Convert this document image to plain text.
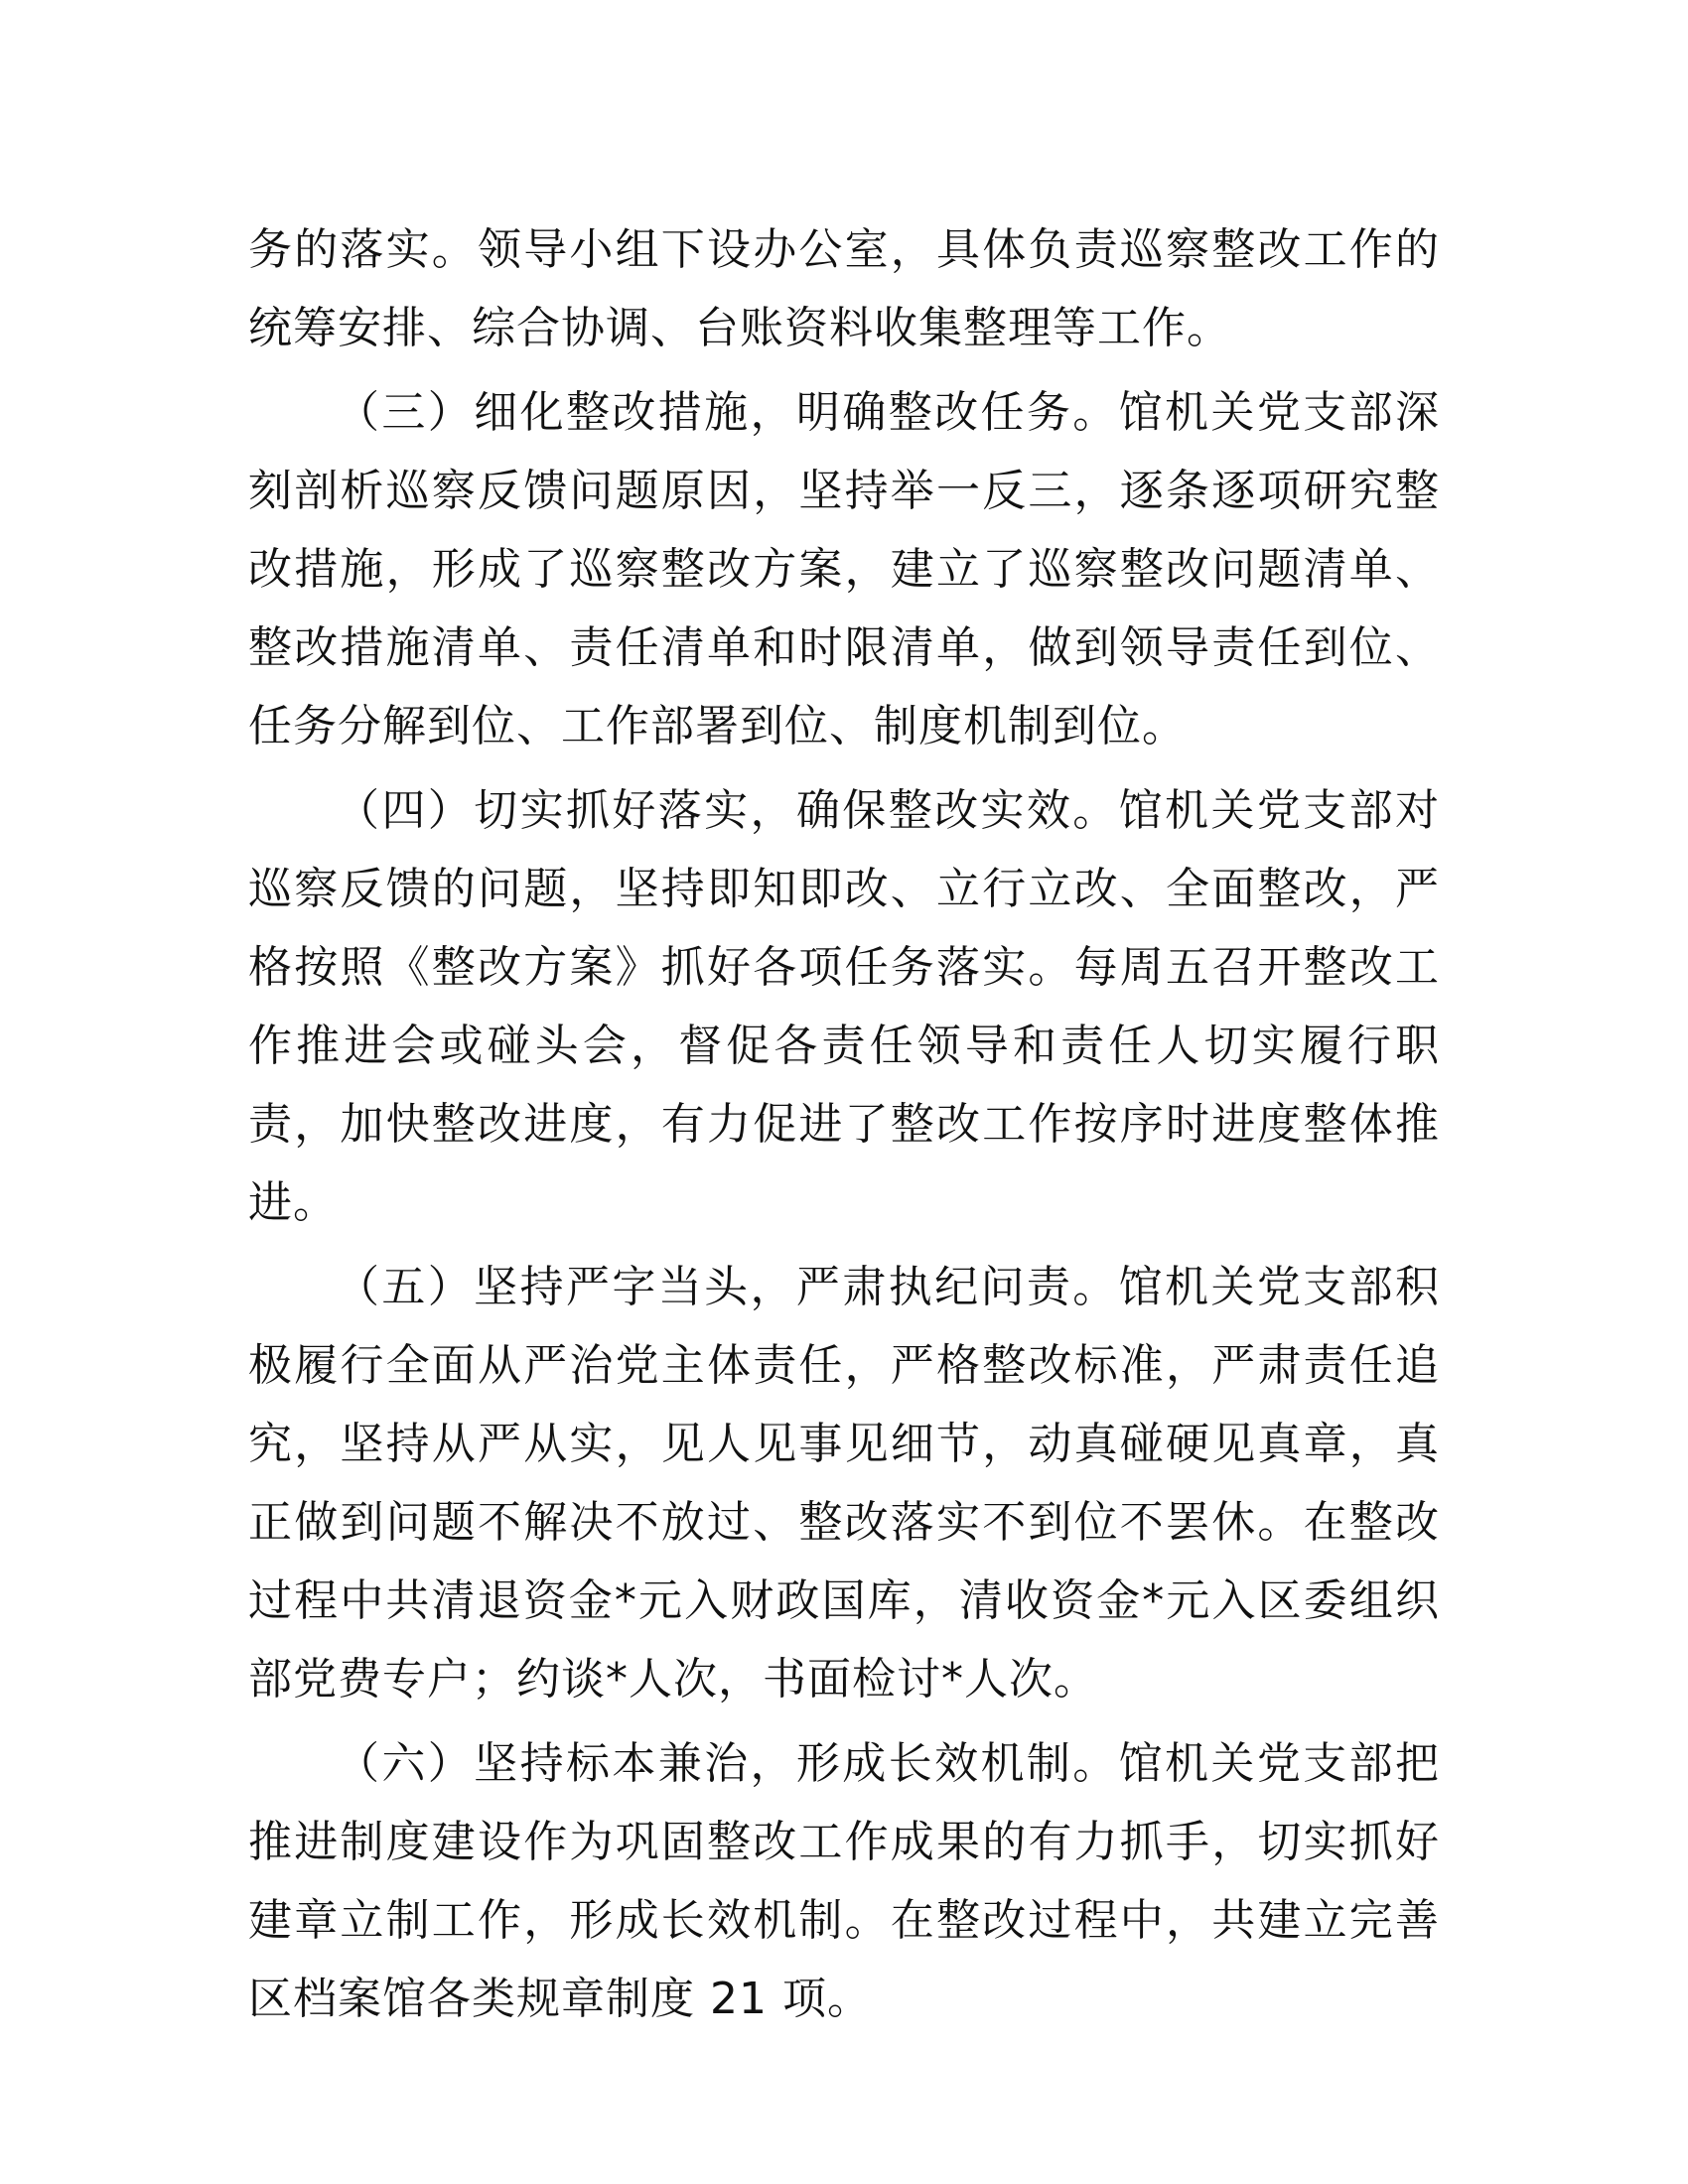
务的落实。领导小组下设办公室，具体负责巡察整改工作的统筹安排、综合协调、台账资料收集整理等工作。

（三）细化整改措施，明确整改任务。馆机关党支部深刻剖析巡察反馈问题原因，坚持举一反三，逐条逐项研究整改措施，形成了巡察整改方案，建立了巡察整改问题清单、整改措施清单、责任清单和时限清单，做到领导责任到位、任务分解到位、工作部署到位、制度机制到位。

（四）切实抓好落实，确保整改实效。馆机关党支部对巡察反馈的问题，坚持即知即改、立行立改、全面整改，严格按照《整改方案》抓好各项任务落实。每周五召开整改工作推进会或碰头会，督促各责任领导和责任人切实履行职责，加快整改进度，有力促进了整改工作按序时进度整体推进。

（五）坚持严字当头，严肃执纪问责。馆机关党支部积极履行全面从严治党主体责任，严格整改标准，严肃责任追究，坚持从严从实，见人见事见细节，动真碰硬见真章，真正做到问题不解决不放过、整改落实不到位不罢休。在整改过程中共清退资金*元入财政国库，清收资金*元入区委组织部党费专户；约谈*人次，书面检讨*人次。

（六）坚持标本兼治，形成长效机制。馆机关党支部把推进制度建设作为巩固整改工作成果的有力抓手，切实抓好建章立制工作，形成长效机制。在整改过程中，共建立完善区档案馆各类规章制度 21 项。
